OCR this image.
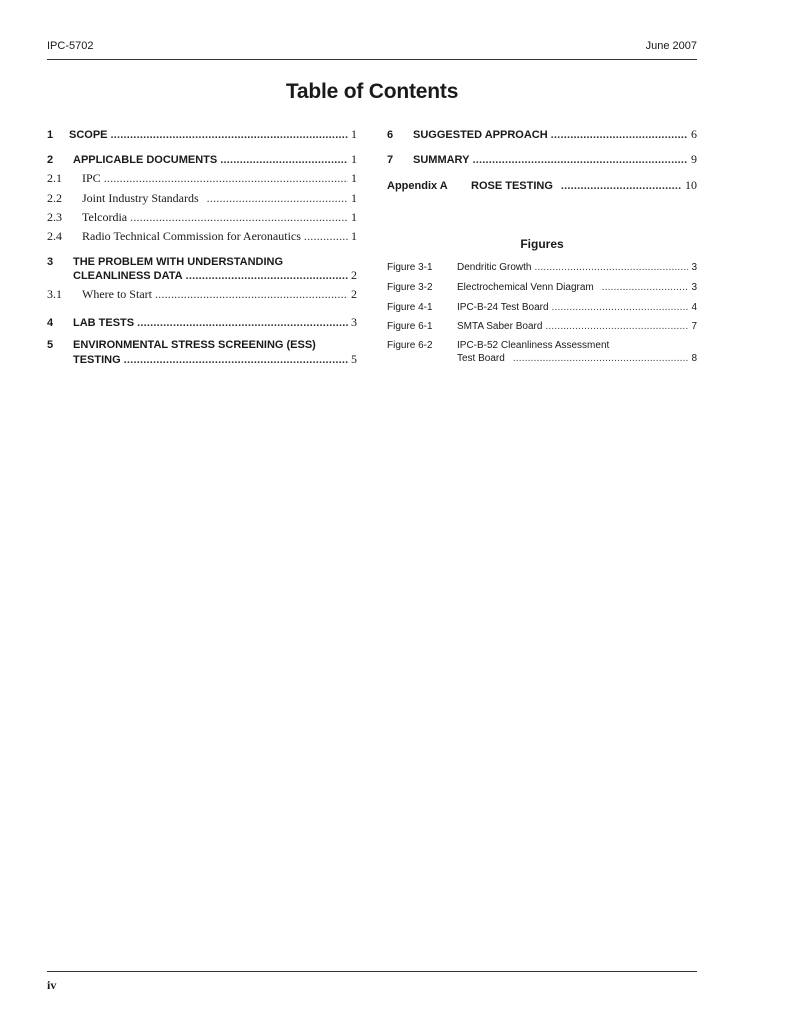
IPC-5702	June 2007
Table of Contents
1	SCOPE .....	1
2	APPLICABLE DOCUMENTS .....	1
2.1	IPC .....	1
2.2	Joint Industry Standards .....	1
2.3	Telcordia .....	1
2.4	Radio Technical Commission for Aeronautics .....	1
3 THE PROBLEM WITH UNDERSTANDING
CLEANLINESS DATA .....	2
3.1	Where to Start .....	2
4	LAB TESTS .....	3
5 ENVIRONMENTAL STRESS SCREENING (ESS)
TESTING .....	5
6	SUGGESTED APPROACH .....	6
7	SUMMARY .....	9
Appendix A	ROSE TESTING .....	10
Figures
Figure 3-1	Dendritic Growth .....	3
Figure 3-2	Electrochemical Venn Diagram .....	3
Figure 4-1	IPC-B-24 Test Board .....	4
Figure 6-1	SMTA Saber Board .....	7
Figure 6-2 IPC-B-52 Cleanliness Assessment
Test Board .....	8
iv
